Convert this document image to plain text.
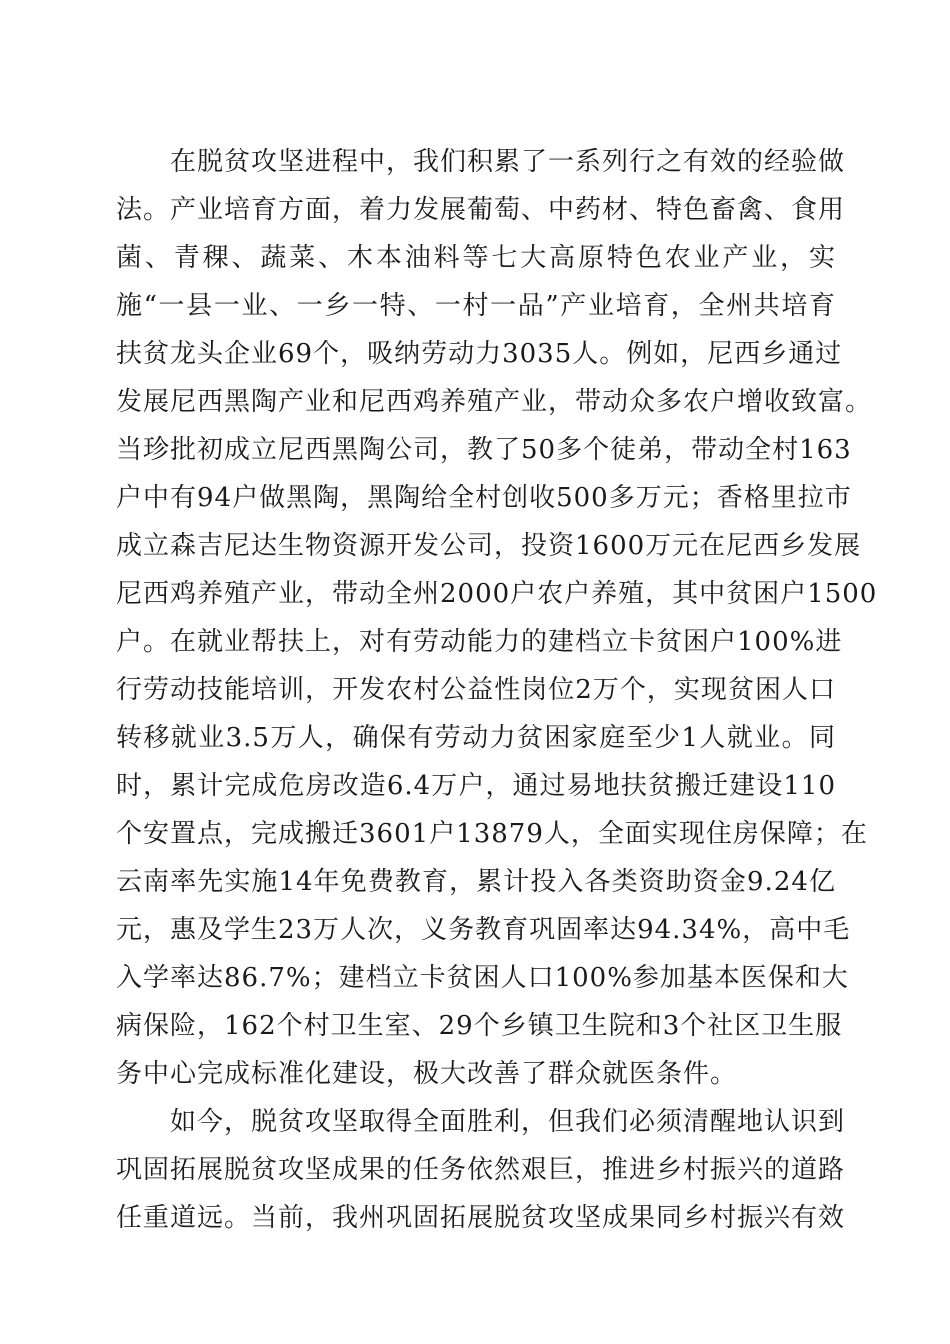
在脱贫攻坚进程中，我们积累了一系列行之有效的经验做
法。产业培育方面，着力发展葡萄、中药材、特色畜禽、食用
菌、青稞、蔬菜、木本油料等七大高原特色农业产业，实
施“一县一业、一乡一特、一村一品”产业培育，全州共培育
扶贫龙头企业69个，吸纳劳动力3035人。例如，尼西乡通过
发展尼西黑陶产业和尼西鸡养殖产业，带动众多农户增收致富。
当珍批初成立尼西黑陶公司，教了50多个徒弟，带动全村163
户中有94户做黑陶，黑陶给全村创收500多万元；香格里拉市
成立森吉尼达生物资源开发公司，投资1600万元在尼西乡发展
尼西鸡养殖产业，带动全州2000户农户养殖，其中贫困户1500
户。在就业帮扶上，对有劳动能力的建档立卡贫困户100%进
行劳动技能培训，开发农村公益性岗位2万个，实现贫困人口
转移就业3.5万人，确保有劳动力贫困家庭至少1人就业。同
时，累计完成危房改造6.4万户，通过易地扶贫搬迁建设110
个安置点，完成搬迁3601户13879人，全面实现住房保障；在
云南率先实施14年免费教育，累计投入各类资助资金9.24亿
元，惠及学生23万人次，义务教育巩固率达94.34%，高中毛
入学率达86.7%；建档立卡贫困人口100%参加基本医保和大
病保险，162个村卫生室、29个乡镇卫生院和3个社区卫生服
务中心完成标准化建设，极大改善了群众就医条件。
如今，脱贫攻坚取得全面胜利，但我们必须清醒地认识到
巩固拓展脱贫攻坚成果的任务依然艰巨，推进乡村振兴的道路
任重道远。当前，我州巩固拓展脱贫攻坚成果同乡村振兴有效
